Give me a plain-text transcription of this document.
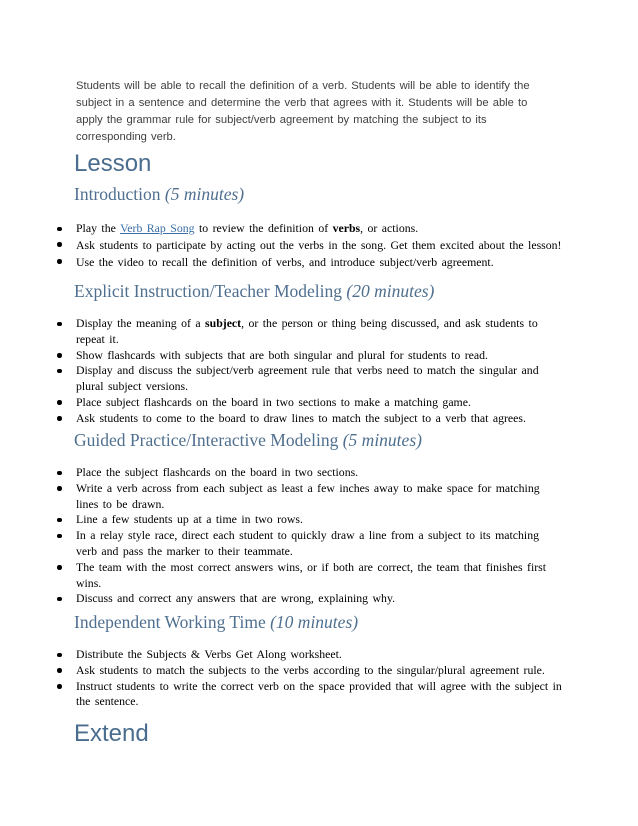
Students will be able to recall the definition of a verb. Students will be able to identify the subject in a sentence and determine the verb that agrees with it. Students will be able to apply the grammar rule for subject/verb agreement by matching the subject to its corresponding verb.
Lesson
Introduction (5 minutes)
Play the Verb Rap Song to review the definition of verbs, or actions.
Ask students to participate by acting out the verbs in the song. Get them excited about the lesson!
Use the video to recall the definition of verbs, and introduce subject/verb agreement.
Explicit Instruction/Teacher Modeling (20 minutes)
Display the meaning of a subject, or the person or thing being discussed, and ask students to repeat it.
Show flashcards with subjects that are both singular and plural for students to read.
Display and discuss the subject/verb agreement rule that verbs need to match the singular and plural subject versions.
Place subject flashcards on the board in two sections to make a matching game.
Ask students to come to the board to draw lines to match the subject to a verb that agrees.
Guided Practice/Interactive Modeling (5 minutes)
Place the subject flashcards on the board in two sections.
Write a verb across from each subject as least a few inches away to make space for matching lines to be drawn.
Line a few students up at a time in two rows.
In a relay style race, direct each student to quickly draw a line from a subject to its matching verb and pass the marker to their teammate.
The team with the most correct answers wins, or if both are correct, the team that finishes first wins.
Discuss and correct any answers that are wrong, explaining why.
Independent Working Time (10 minutes)
Distribute the Subjects & Verbs Get Along worksheet.
Ask students to match the subjects to the verbs according to the singular/plural agreement rule.
Instruct students to write the correct verb on the space provided that will agree with the subject in the sentence.
Extend
